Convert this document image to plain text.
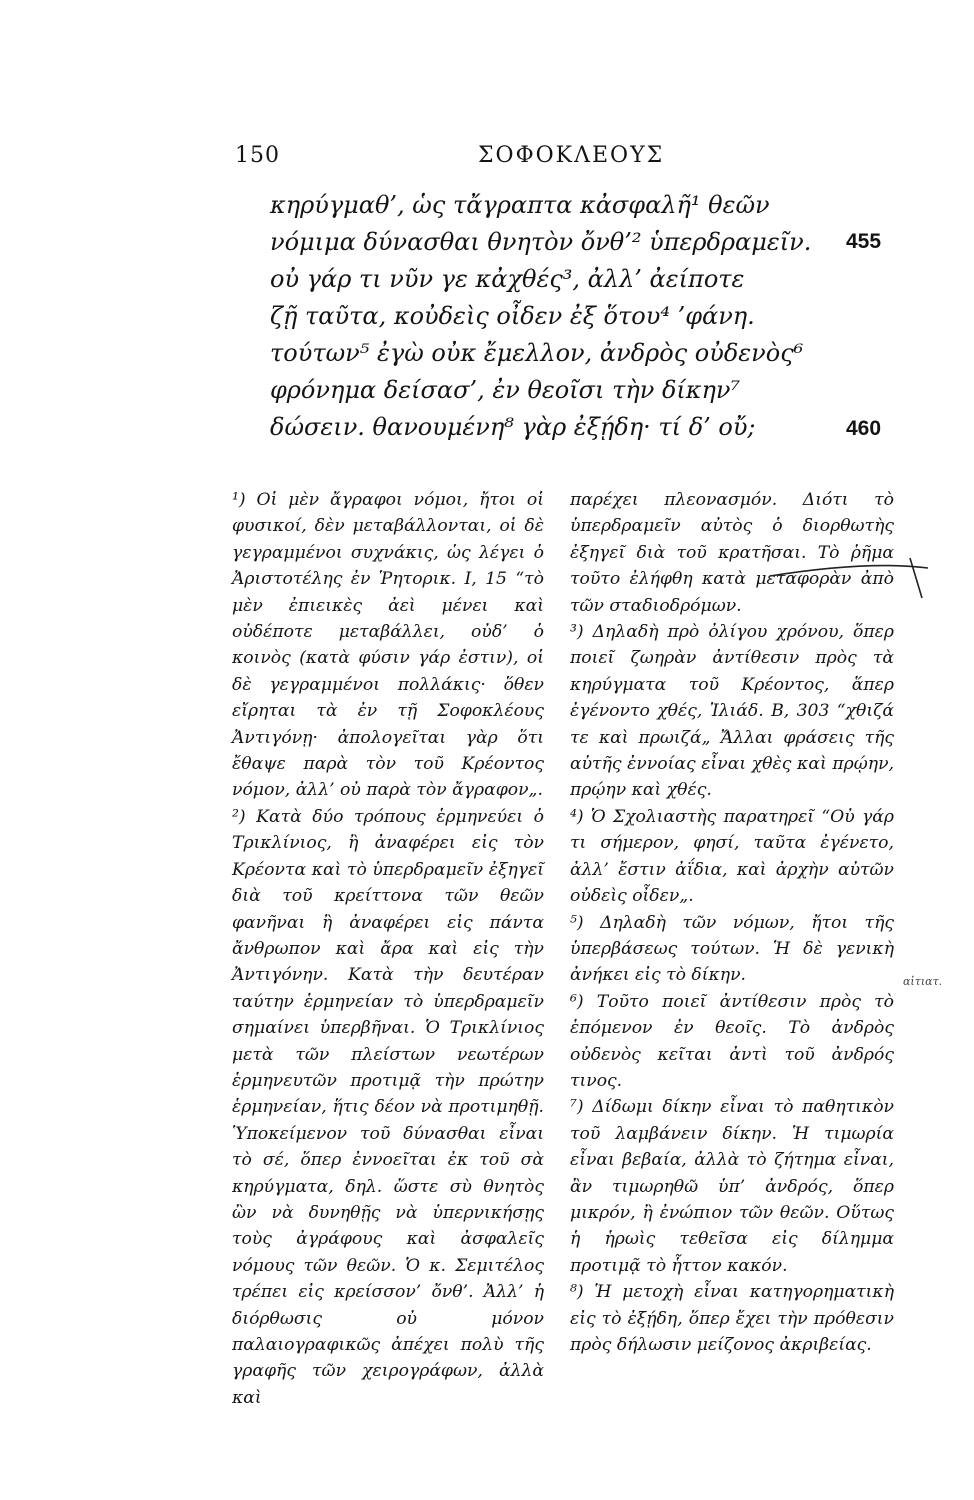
150	ΣΟΦΟΚΛΕΟΥΣ
κηρύγμαθ’, ὡς τἄγραπτα κἀσφαλῆ¹ θεῶν
νόμιμα δύνασθαι θνητὸν ὄνθ’² ὑπερδραμεῖν.	455
οὐ γάρ τι νῦν γε κἀχθές³, ἀλλ’ ἀείποτε
ζῇ ταῦτα, κοὐδεὶς οἶδεν ἐξ ὅτου⁴ ’φάνη.
τούτων⁵ ἐγὼ οὐκ ἔμελλον, ἀνδρὸς οὐδενὸς⁶
φρόνημα δείσασ’, ἐν θεοῖσι τὴν δίκην⁷
δώσειν. θανουμένη⁸ γὰρ ἐξῄδη· τί δ’ οὔ;	460

¹) Οἱ μὲν ἄγραφοι νόμοι, ἤτοι οἱ φυσικοί, δὲν μεταβάλλονται, οἱ δὲ γεγραμμένοι συχνάκις, ὡς λέγει ὁ Ἀριστοτέλης ἐν Ῥητορικ. Ι, 15 “τὸ μὲν ἐπιεικὲς ἀεὶ μένει καὶ οὐδέποτε μεταβάλλει, οὐδ’ ὁ κοινὸς (κατὰ φύσιν γάρ ἐστιν), οἱ δὲ γεγραμμένοι πολλάκις· ὅθεν εἴρηται τὰ ἐν τῇ Σοφοκλέους Ἀντιγόνῃ· ἀπολογεῖται γὰρ ὅτι ἔθαψε παρὰ τὸν τοῦ Κρέοντος νόμον, ἀλλ’ οὐ παρὰ τὸν ἄγραφον„.

²) Κατὰ δύο τρόπους ἑρμηνεύει ὁ Τρικλίνιος, ἢ ἀναφέρει εἰς τὸν Κρέοντα καὶ τὸ ὑπερδραμεῖν ἐξηγεῖ διὰ τοῦ κρείττονα τῶν θεῶν φανῆναι ἢ ἀναφέρει εἰς πάντα ἄνθρωπον καὶ ἄρα καὶ εἰς τὴν Ἀντιγόνην. Κατὰ τὴν δευτέραν ταύτην ἑρμηνείαν τὸ ὑπερδραμεῖν σημαίνει ὑπερβῆναι. Ὁ Τρικλίνιος μετὰ τῶν πλείστων νεωτέρων ἑρμηνευτῶν προτιμᾷ τὴν πρώτην ἑρμηνείαν, ἥτις δέον νὰ προτιμηθῇ. Ὑποκείμενον τοῦ δύνασθαι εἶναι τὸ σέ, ὅπερ ἐννοεῖται ἐκ τοῦ σὰ κηρύγματα, δηλ. ὥστε σὺ θνητὸς ὢν νὰ δυνηθῇς νὰ ὑπερνικήσῃς τοὺς ἀγράφους καὶ ἀσφαλεῖς νόμους τῶν θεῶν. Ὁ κ. Σεμιτέλος τρέπει εἰς κρείσσον’ ὄνθ’. Ἀλλ’ ἡ διόρθωσις οὐ μόνον παλαιογραφικῶς ἀπέχει πολὺ τῆς γραφῆς τῶν χειρογράφων, ἀλλὰ καὶ

παρέχει πλεονασμόν. Διότι τὸ ὑπερδραμεῖν αὐτὸς ὁ διορθωτὴς ἐξηγεῖ διὰ τοῦ κρατῆσαι. Τὸ ῥῆμα τοῦτο ἐλήφθη κατὰ μεταφορὰν ἀπὸ τῶν σταδιοδρόμων.

³) Δηλαδὴ πρὸ ὀλίγου χρόνου, ὅπερ ποιεῖ ζωηρὰν ἀντίθεσιν πρὸς τὰ κηρύγματα τοῦ Κρέοντος, ἅπερ ἐγένοντο χθές, Ἰλιάδ. Β, 303 “χθιζά τε καὶ πρωιζά„ Ἄλλαι φράσεις τῆς αὐτῆς ἐννοίας εἶναι χθὲς καὶ πρῴην, πρῴην καὶ χθές.

⁴) Ὁ Σχολιαστὴς παρατηρεῖ “Οὐ γάρ τι σήμερον, φησί, ταῦτα ἐγένετο, ἀλλ’ ἔστιν ἀΐδια, καὶ ἀρχὴν αὐτῶν οὐδεὶς οἶδεν„.

⁵) Δηλαδὴ τῶν νόμων, ἤτοι τῆς ὑπερβάσεως τούτων. Ἡ δὲ γενικὴ ἀνήκει εἰς τὸ δίκην.

⁶) Τοῦτο ποιεῖ ἀντίθεσιν πρὸς τὸ ἑπόμενον ἐν θεοῖς. Τὸ ἀνδρὸς οὐδενὸς κεῖται ἀντὶ τοῦ ἀνδρός τινος.

⁷) Δίδωμι δίκην εἶναι τὸ παθητικὸν τοῦ λαμβάνειν δίκην. Ἡ τιμωρία εἶναι βεβαία, ἀλλὰ τὸ ζήτημα εἶναι, ἂν τιμωρηθῶ ὑπ’ ἀνδρός, ὅπερ μικρόν, ἢ ἐνώπιον τῶν θεῶν. Οὕτως ἡ ἡρωὶς τεθεῖσα εἰς δίλημμα προτιμᾷ τὸ ἧττον κακόν.

⁸) Ἡ μετοχὴ εἶναι κατηγορηματικὴ εἰς τὸ ἐξῄδη, ὅπερ ἔχει τὴν πρόθεσιν πρὸς δήλωσιν μείζονος ἀκριβείας.

αἰτιατ.
